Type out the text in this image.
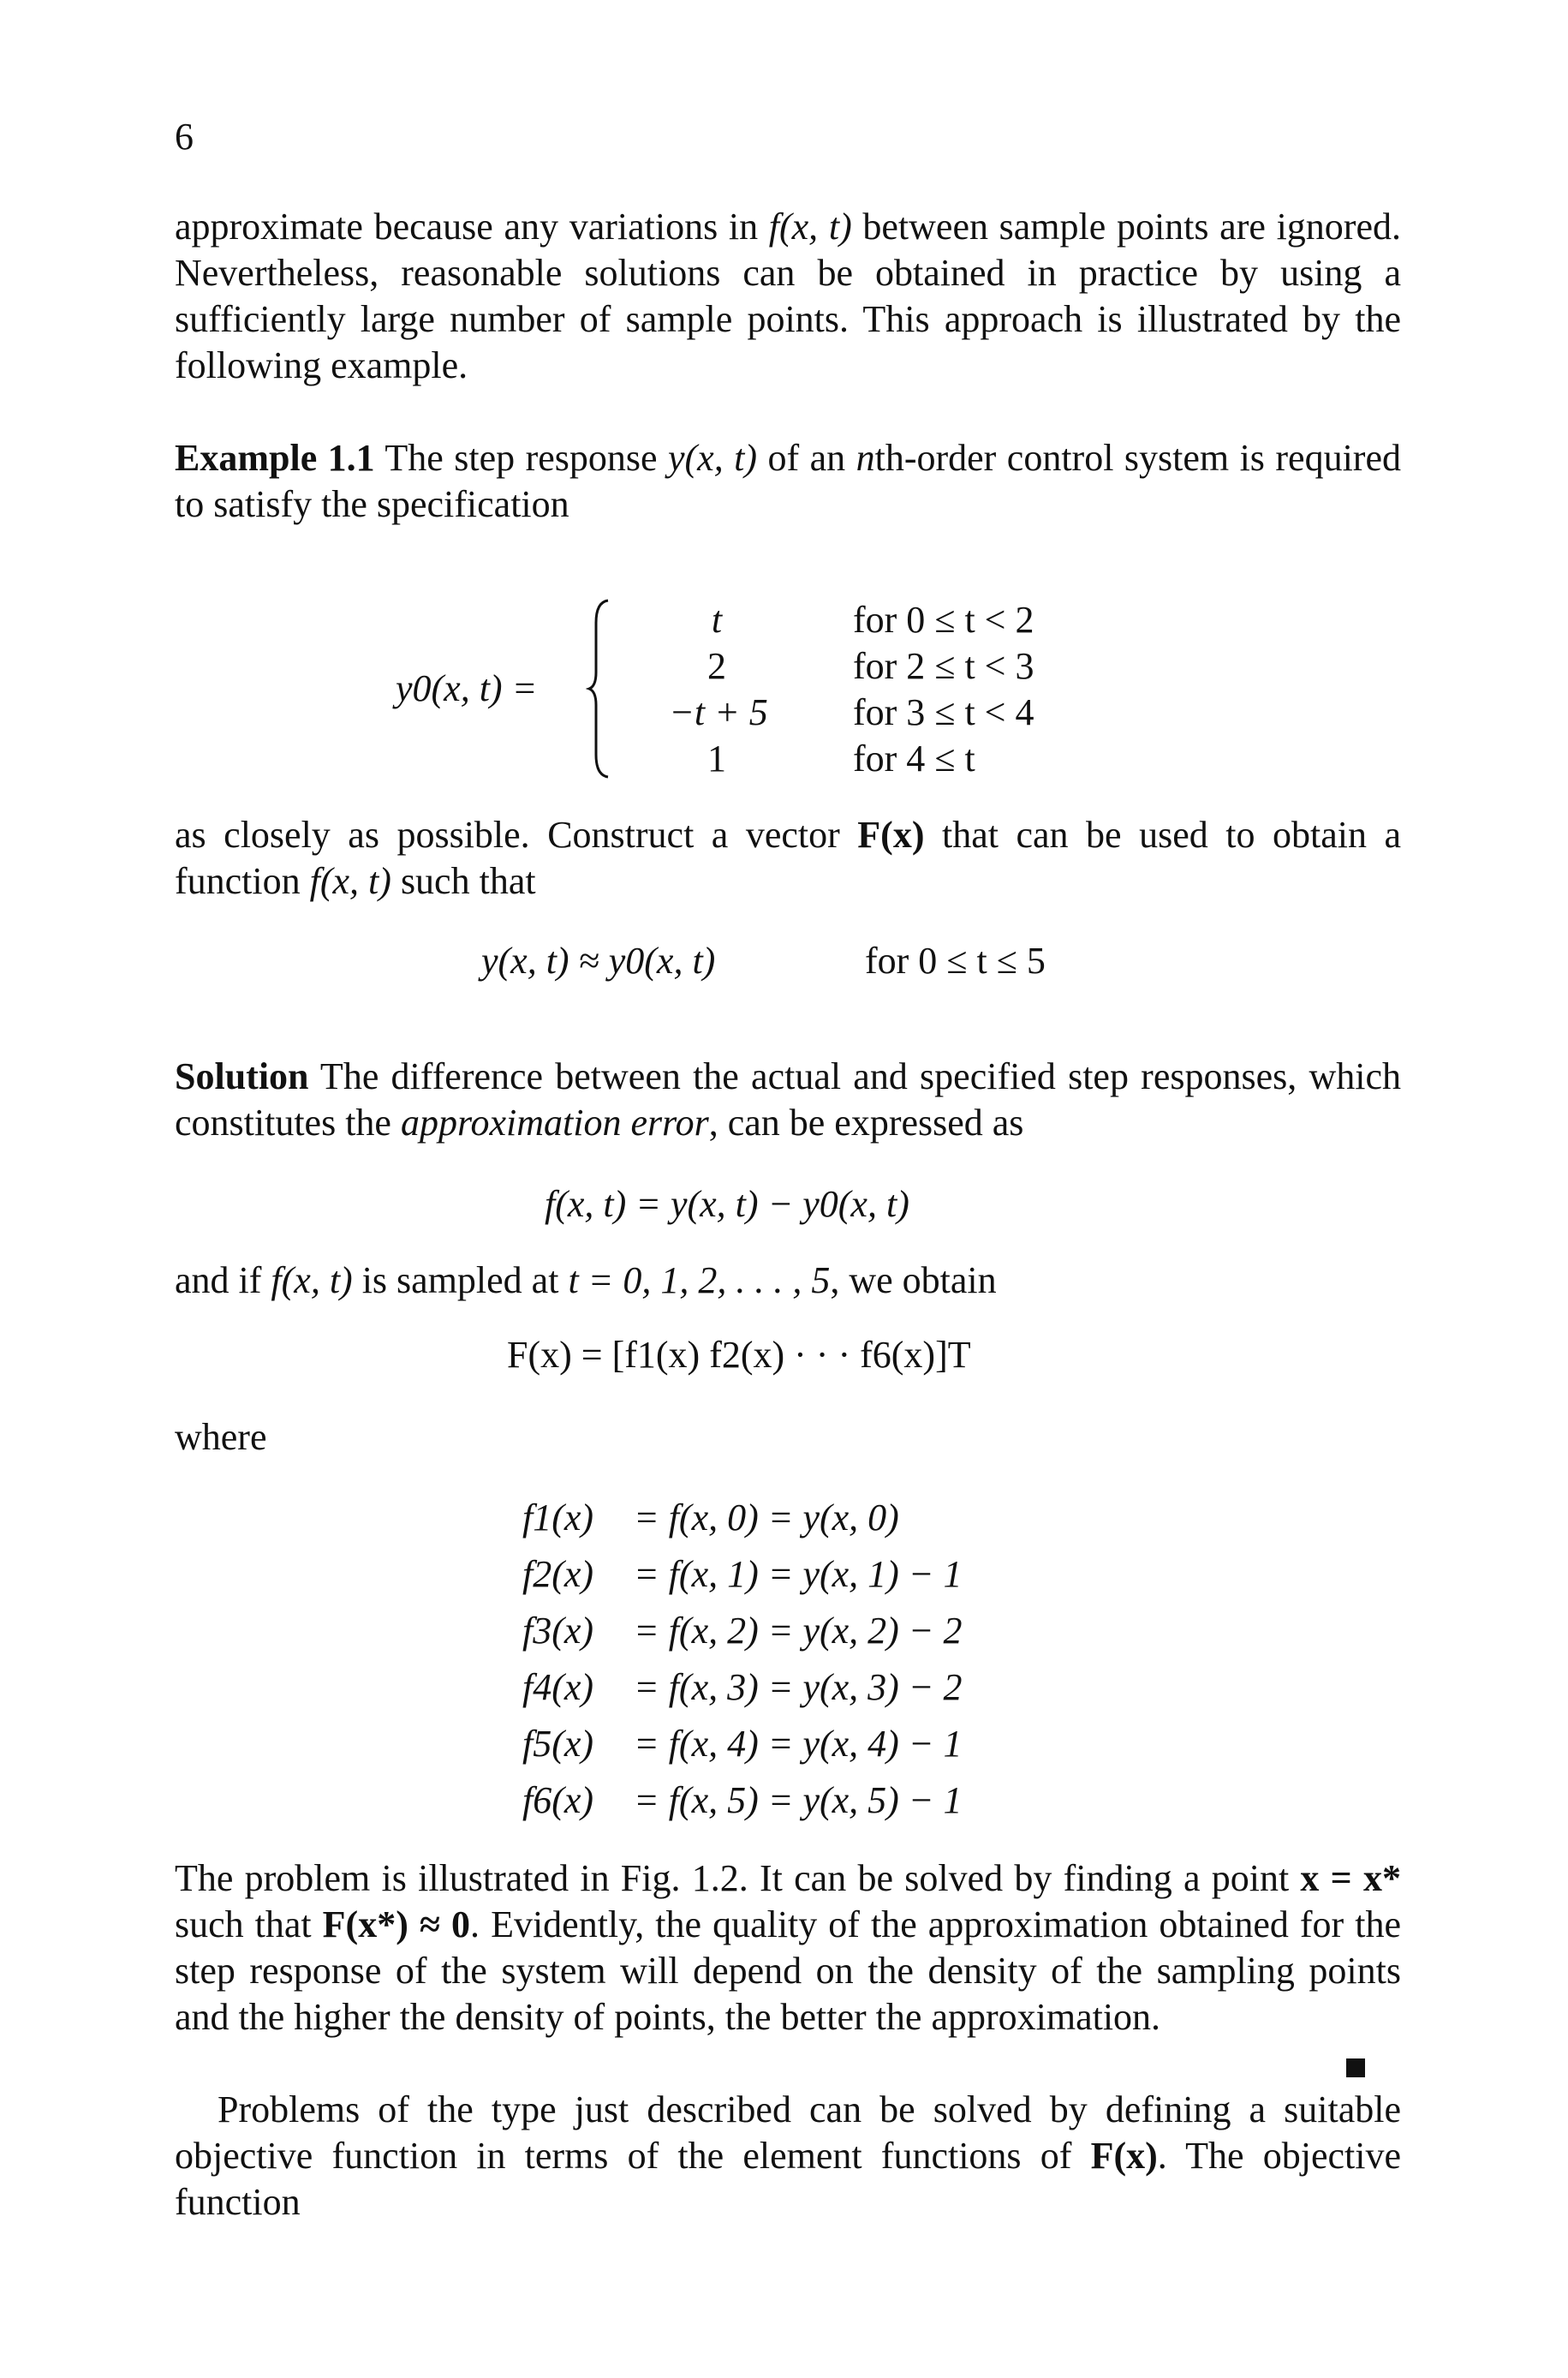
6

approximate because any variations in f(x, t) between sample points are ignored. Nevertheless, reasonable solutions can be obtained in practice by using a sufficiently large number of sample points. This approach is illustrated by the following example.

Example 1.1 The step response y(x, t) of an nth-order control system is required to satisfy the specification

y0(x, t) =
t	for 0 ≤ t < 2
2	for 2 ≤ t < 3
−t + 5	for 3 ≤ t < 4
1	for 4 ≤ t

as closely as possible. Construct a vector F(x) that can be used to obtain a function f(x, t) such that

y(x, t) ≈ y0(x, t)	for 0 ≤ t ≤ 5

Solution The difference between the actual and specified step responses, which constitutes the approximation error, can be expressed as

f(x, t) = y(x, t) − y0(x, t)

and if f(x, t) is sampled at t = 0, 1, 2, . . . , 5, we obtain

F(x) = [f1(x) f2(x) · · · f6(x)]T
where
f1(x) = f(x, 0) = y(x, 0)
f2(x) = f(x, 1) = y(x, 1) − 1
f3(x) = f(x, 2) = y(x, 2) − 2
f4(x) = f(x, 3) = y(x, 3) − 2
f5(x) = f(x, 4) = y(x, 4) − 1
f6(x) = f(x, 5) = y(x, 5) − 1

The problem is illustrated in Fig. 1.2. It can be solved by finding a point x = x* such that F(x*) ≈ 0. Evidently, the quality of the approximation obtained for the step response of the system will depend on the density of the sampling points and the higher the density of points, the better the approximation.

Problems of the type just described can be solved by defining a suitable objective function in terms of the element functions of F(x). The objective function
